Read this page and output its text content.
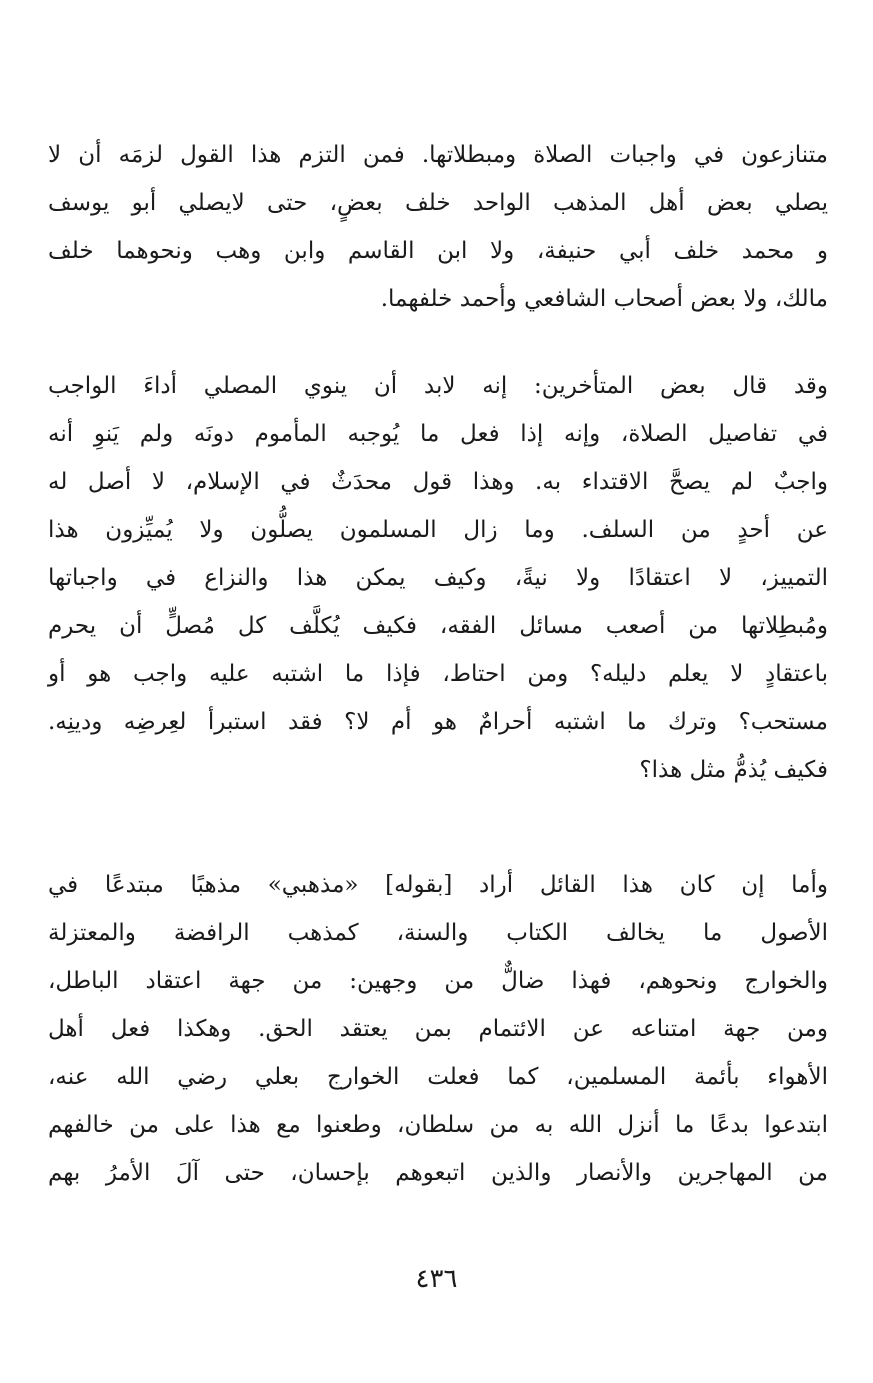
متنازعون في واجبات الصلاة ومبطلاتها. فمن التزم هذا القول لزمَه أن لا
يصلي بعض أهل المذهب الواحد خلف بعضٍ، حتى لايصلي أبو يوسف
و محمد خلف أبي حنيفة، ولا ابن القاسم وابن وهب ونحوهما خلف
مالك، ولا بعض أصحاب الشافعي وأحمد خلفهما.
وقد قال بعض المتأخرين: إنه لابد أن ينوي المصلي أداءَ الواجب
في تفاصيل الصلاة، وإنه إذا فعل ما يُوجبه المأموم دونَه ولم يَنوِ أنه
واجبٌ لم يصحَّ الاقتداء به. وهذا قول محدَثٌ في الإسلام، لا أصل له
عن أحدٍ من السلف. وما زال المسلمون يصلُّون ولا يُميِّزون هذا
التمييز، لا اعتقادًا ولا نيةً، وكيف يمكن هذا والنزاع في واجباتها
ومُبطِلاتها من أصعب مسائل الفقه، فكيف يُكلَّف كل مُصلٍّ أن يحرم
باعتقادٍ لا يعلم دليله؟ ومن احتاط، فإذا ما اشتبه عليه واجب هو أو
مستحب؟ وترك ما اشتبه أحرامٌ هو أم لا؟ فقد استبرأ لعِرضِه ودينِه.
فكيف يُذمُّ مثل هذا؟
وأما إن كان هذا القائل أراد [بقوله] «مذهبي» مذهبًا مبتدعًا في
الأصول ما يخالف الكتاب والسنة، كمذهب الرافضة والمعتزلة
والخوارج ونحوهم، فهذا ضالٌّ من وجهين: من جهة اعتقاد الباطل،
ومن جهة امتناعه عن الائتمام بمن يعتقد الحق. وهكذا فعل أهل
الأهواء بأئمة المسلمين، كما فعلت الخوارج بعلي رضي الله عنه،
ابتدعوا بدعًا ما أنزل الله به من سلطان، وطعنوا مع هذا على من خالفهم
من المهاجرين والأنصار والذين اتبعوهم بإحسان، حتى آلَ الأمرُ بهم
٤٣٦
